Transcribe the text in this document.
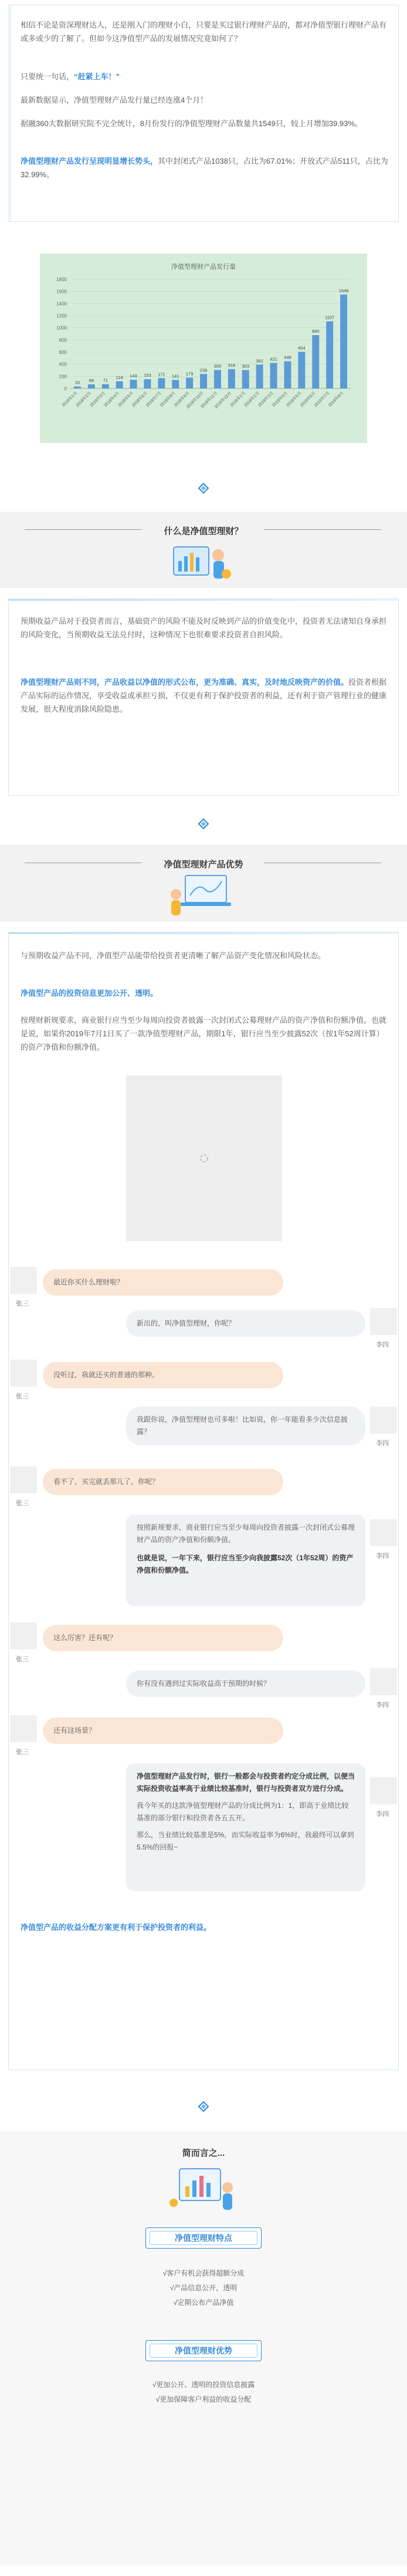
相信不论是资深理财达人，还是刚入门的理财小白，只要是买过银行理财产品的，都对净值型银行理财产品有或多或少的了解了。但如今这净值型产品的发展情况究竟如何了？

只要统一句话，“赶紧上车！”

最新数据显示，净值型理财产品发行量已经连涨4个月！

据融360大数据研究院不完全统计，8月份发行的净值型理财产品数量共1549只，较上月增加39.93%。

净值型理财产品发行呈现明显增长势头，其中封闭式产品1038只，占比为67.01%；开放式产品511只，占比为32.99%。

净值型理财产品发行量
0
200
400
600
800
1000
1200
1400
1600
1800
33
2018年1月
68
2018年2月
71
2018年3月
118
2018年4月
143
2018年5月
153
2018年6月
171
2018年7月
141
2018年8月
179
2018年9月
239
2018年10月
305
2018年11月
318
2018年12月
303
2019年1月
392
2019年2月
421
2019年3月
448
2019年4月
604
2019年5月
880
2019年6月
1107
2019年7月
1549
2019年8月
什么是净值型理财？

预期收益产品对于投资者而言，基础资产的风险不能及时反映到产品的价值变化中，投资者无法诸知自身承担的风险变化，当预期收益无法兑付时，这种情况下也很难要求投资者自担风险。

净值型理财产品则不同，产品收益以净值的形式公布，更为准确、真实，及时地反映资产的价值。投资者根据产品实际的运作情况，享受收益或承担亏损，不仅更有利于保护投资者的利益，还有利于资产管理行业的健康发展，很大程度消除风险隐患。

净值型理财产品优势

与预期收益产品不同，净值型产品能带给投资者更清晰了解产品资产变化情况和风险状态。

净值型产品的投资信息更加公开、透明。

按理财新规要求，商业银行应当至少每周向投资者披露一次封闭式公募理财产品的资产净值和份额净值。也就是说，如果你2019年7月1日买了一款净值型理财产品，期限1年，银行应当至少披露52次（按1年52周计算）的资产净值和份额净值。

张三
最近你买什么理财啦？
李四
新出的，叫净值型理财，你呢？
张三
没听过，我就还买的普通的那种。
李四
我跟你说，净值型理财也可多啦！比如说，你一年能看多少次信息披露？
张三
看不了，买完就丢那儿了，你呢？
李四
按照新规要求，商业银行应当至少每周向投资者披露一次封闭式公募理财产品的资产净值和份额净值。
也就是说，一年下来，银行应当至少向我披露52次（1年52周）的资产净值和份额净值。
张三
这么厉害？还有呢？
李四
你有没有遇到过实际收益高于预期的时候？
张三
还有这场景？
李四
净值型理财产品发行时，银行一般都会与投资者约定分成比例，以便当实际投资收益率高于业绩比较基准时，银行与投资者双方进行分成。
我今年买的这款净值型理财产品的分成比例为1：1，即高于业绩比较基准的部分银行和投资者各五五开。
那么，当业绩比较基准是5%，而实际收益率为6%时，我最终可以拿到5.5%的回报~

净值型产品的收益分配方案更有利于保护投资者的利益。

简而言之...
净值型理财特点
√客户有机会获得超额分成
√产品信息公开，透明
√定期公布产品净值
净值型理财优势
√更加公开、透明的投资信息披露
√更加保障客户利益的收益分配
